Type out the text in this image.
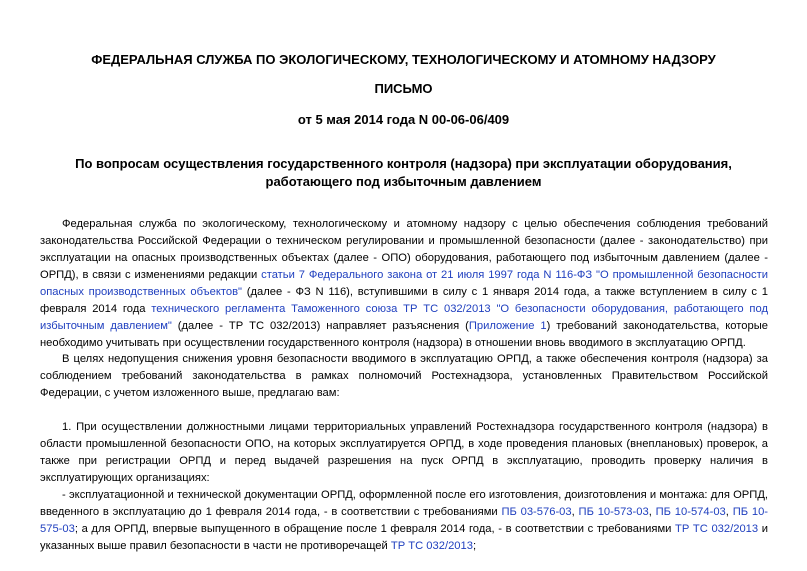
ФЕДЕРАЛЬНАЯ СЛУЖБА ПО ЭКОЛОГИЧЕСКОМУ, ТЕХНОЛОГИЧЕСКОМУ И АТОМНОМУ НАДЗОРУ
ПИСЬМО
от 5 мая 2014 года N 00-06-06/409
По вопросам осуществления государственного контроля (надзора) при эксплуатации оборудования, работающего под избыточным давлением

Федеральная служба по экологическому, технологическому и атомному надзору с целью обеспечения соблюдения требований законодательства Российской Федерации о техническом регулировании и промышленной безопасности (далее - законодательство) при эксплуатации на опасных производственных объектах (далее - ОПО) оборудования, работающего под избыточным давлением (далее - ОРПД), в связи с изменениями редакции статьи 7 Федерального закона от 21 июля 1997 года N 116-ФЗ "О промышленной безопасности опасных производственных объектов" (далее - ФЗ N 116), вступившими в силу с 1 января 2014 года, а также вступлением в силу с 1 февраля 2014 года технического регламента Таможенного союза ТР ТС 032/2013 "О безопасности оборудования, работающего под избыточным давлением" (далее - ТР ТС 032/2013) направляет разъяснения (Приложение 1) требований законодательства, которые необходимо учитывать при осуществлении государственного контроля (надзора) в отношении вновь вводимого в эксплуатацию ОРПД.

В целях недопущения снижения уровня безопасности вводимого в эксплуатацию ОРПД, а также обеспечения контроля (надзора) за соблюдением требований законодательства в рамках полномочий Ростехнадзора, установленных Правительством Российской Федерации, с учетом изложенного выше, предлагаю вам:

1. При осуществлении должностными лицами территориальных управлений Ростехнадзора государственного контроля (надзора) в области промышленной безопасности ОПО, на которых эксплуатируется ОРПД, в ходе проведения плановых (внеплановых) проверок, а также при регистрации ОРПД и перед выдачей разрешения на пуск ОРПД в эксплуатацию, проводить проверку наличия в эксплуатирующих организациях:

- эксплуатационной и технической документации ОРПД, оформленной после его изготовления, доизготовления и монтажа: для ОРПД, введенного в эксплуатацию до 1 февраля 2014 года, - в соответствии с требованиями ПБ 03-576-03, ПБ 10-573-03, ПБ 10-574-03, ПБ 10-575-03; а для ОРПД, впервые выпущенного в обращение после 1 февраля 2014 года, - в соответствии с требованиями ТР ТС 032/2013 и указанных выше правил безопасности в части не противоречащей ТР ТС 032/2013;
